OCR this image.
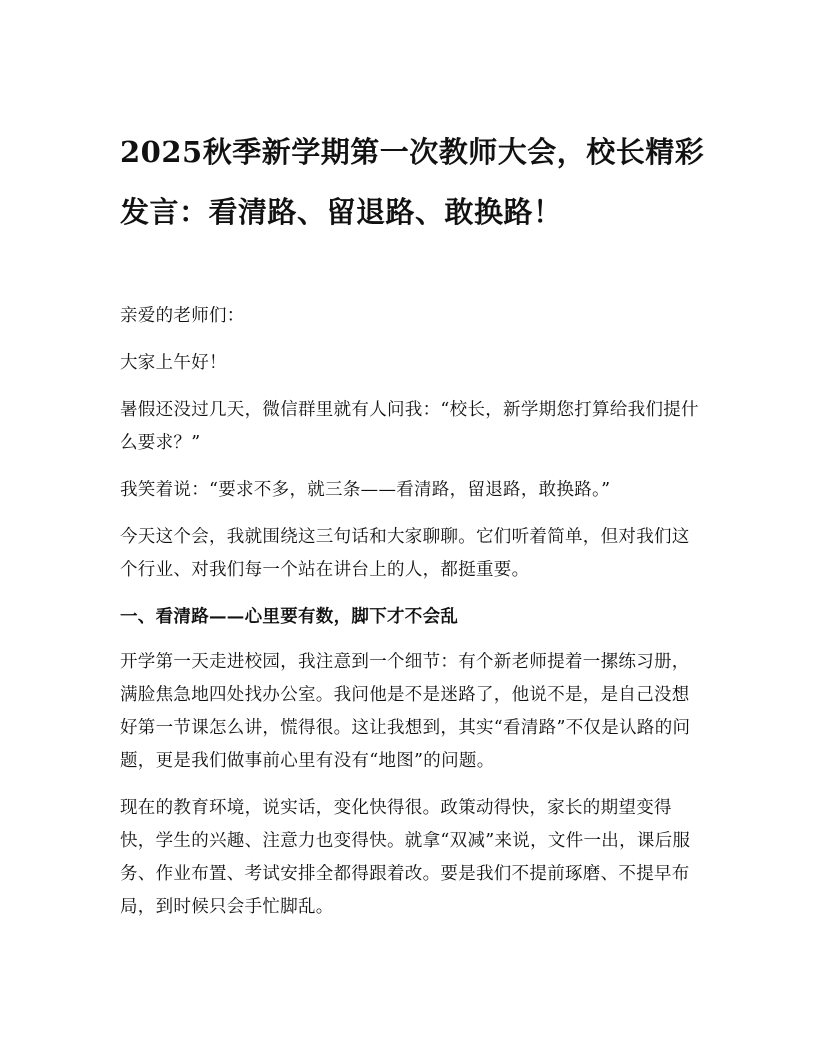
2025秋季新学期第一次教师大会，校长精彩发言：看清路、留退路、敢换路！

亲爱的老师们：

大家上午好！

暑假还没过几天，微信群里就有人问我：“校长，新学期您打算给我们提什么要求？”

我笑着说：“要求不多，就三条——看清路，留退路，敢换路。”

今天这个会，我就围绕这三句话和大家聊聊。它们听着简单，但对我们这个行业、对我们每一个站在讲台上的人，都挺重要。

一、看清路——心里要有数，脚下才不会乱

开学第一天走进校园，我注意到一个细节：有个新老师提着一摞练习册，满脸焦急地四处找办公室。我问他是不是迷路了，他说不是，是自己没想好第一节课怎么讲，慌得很。这让我想到，其实“看清路”不仅是认路的问题，更是我们做事前心里有没有“地图”的问题。

现在的教育环境，说实话，变化快得很。政策动得快，家长的期望变得快，学生的兴趣、注意力也变得快。就拿“双减”来说，文件一出，课后服务、作业布置、考试安排全都得跟着改。要是我们不提前琢磨、不提早布局，到时候只会手忙脚乱。
